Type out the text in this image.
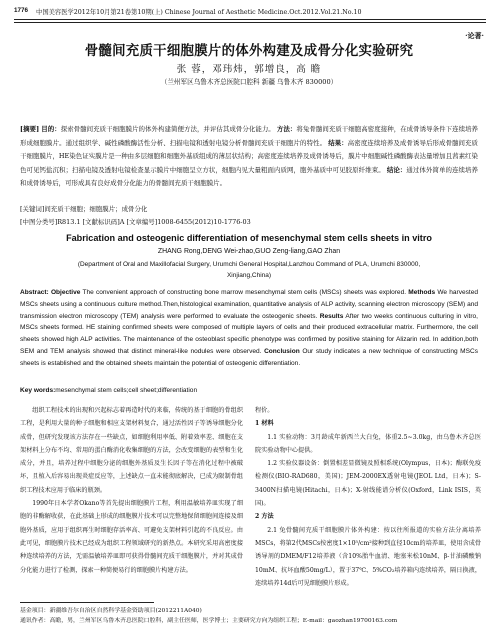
1776 中国美容医学2012年10月第21卷第10期(上) Chinese Journal of Aesthetic Medicine.Oct.2012.Vol.21.No.10
·论著·
骨髓间充质干细胞膜片的体外构建及成骨分化实验研究
张 蓉，邓玮炜，郭增良，高 瞻
（兰州军区乌鲁木齐总医院口腔科 新疆 乌鲁木齐 830000）
[摘要] 目的：探索骨髓间充质干细胞膜片的体外构建简便方法，并评估其成骨分化能力。 方法：将兔骨髓间充质干细胞高密度接种，在成骨诱导条件下连续培养形成细胞膜片。通过组织学、碱性磷酸酶活性分析、扫描电镜和透射电镜分析骨髓间充质干细胞片的特性。 结果：高密度连续培养及成骨诱导后形成骨髓间充质干细胞膜片，HE染色证实膜片是一种由多层细胞和细胞外基质组成的薄层状结构；高密度连续培养及成骨诱导后，膜片中细胞碱性磷酸酶表达量增加且茜素红染色可见钙盐沉积；扫描电镜及透射电镜检查显示膜片中细胞呈立方状，细胞内见大量粗面内质网，胞外基质中可见胶原纤维束。 结论：通过体外简单的连续培养和成骨诱导后，可形成具有良好成骨分化能力的骨髓间充质干细胞膜片。
[关键词]间充质干细胞；细胞膜片；成骨分化
[中图分类号]R813.1 [文献标识码]A [文章编号]1008-6455(2012)10-1776-03
Fabrication and osteogenic differentiation of mesenchymal stem cells sheets in vitro
ZHANG Rong,DENG Wei-zhao,GUO Zeng-liang,GAO Zhan
(Department of Oral and Maxillofacial Surgery, Urumchi General Hospital,Lanzhou Command of PLA, Urumchi 830000,
Xinjiang,China)
Abstract: Objective The convenient approach of constructing bone marrow mesenchymal stem cells (MSCs) sheets was explored. Methods We harvested MSCs sheets using a continuous culture method.Then,histological examination, quantitative analysis of ALP activity, scanning electron microscopy (SEM) and transmission electron microscopy (TEM) analysis were performed to evaluate the osteogenic sheets. Results After two weeks continuous culturing in vitro, MSCs sheets formed. HE staining confirmed sheets were composed of multiple layers of cells and their produced extracellular matrix. Furthermore, the cell sheets showed high ALP activities. The maintenance of the osteoblast specific phenotype was confirmed by positive staining for Alizarin red. In addition,both SEM and TEM analysis showed that distinct mineral-like nodules were observed. Conclusion Our study indicates a new technique of constructing MSCs sheets is established and the obtained sheets maintain the potential of osteogenic differentiation.
Key words:mesenchymal stem cells;cell sheet;differentiation

组织工程技术的出现和兴起标志着再造时代的来临，传统的基于细胞的骨组织工程，是利用大量的种子细胞和相应支架材料复合，通过活性因子等诱导细胞分化成骨，但研究发现该方法存在一些缺点，如细胞利用率低、附着效率差、细胞在支架材料上分布不均、常用的蛋白酶消化收集细胞的方法，会改变细胞的表型和生化成分，并且，培养过程中细胞分泌的细胞外基质及生长因子等在消化过程中被破坏，且植入后容易出现炎症反应等，上述缺点一直未能彻底解决，已成为限制骨组织工程技术应用于临床的瓶颈。

1990年日本学者Okano等首先提出细胞膜片工程，利用温敏培养皿实现了细胞的非酶解收获，在此基础上形成的细胞膜片技术可以完整地保留细胞间连接及细胞外基质，应用于组织再生时细胞存活率高、可避免支架材料引起的不良反应。由此可见，细胞膜片技术已经成为组织工程领域研究的新热点。本研究采用高密度接种连续培养的方法，无需温敏培养皿即可获得骨髓间充质干细胞膜片，并对其成骨分化能力进行了检测，探索一种简便易行的细胞膜片构建方法。

程价。

1 材料

1.1 实验动物：3月龄成年新西兰大白兔，体重2.5~3.0kg，由乌鲁木齐总医院实验动物中心提供。

1.2 实验仪器设备：倒置相差显微镜及照相系统(Olympus，日本)；酶联免疫检测仪(BIO-RAD680，美国)；JEM-2000EX透射电镜(JEOL Ltd，日本)；S-3400N扫描电镜(Hitachi，日本)；X-射线能谱分析仪(Oxford，Link ISIS，英国)。

2 方法

2.1 兔骨髓间充质干细胞膜片体外构建：按以往所报道的实验方法分离培养MSCs，将第2代MSCs按密度1×10⁵/cm²接种到直径10cm的培养皿，使用含成骨诱导剂的DMEM/F12培养液（含10%胎牛血清、地塞米松10nM、β-甘油磷酸钠10mM、抗坏血酸50mg/L），置于37℃、5%CO₂培养箱内连续培养，隔日换液，连续培养14d后可见细胞膜片形成。

基金项目：新疆维吾尔自治区自然科学基金资助项目(2012211A040)
通讯作者：高瞻，男，兰州军区乌鲁木齐总医院口腔科，副主任医师，医学博士；主要研究方向为组织工程；E-mail：gaozhan19700163.com
